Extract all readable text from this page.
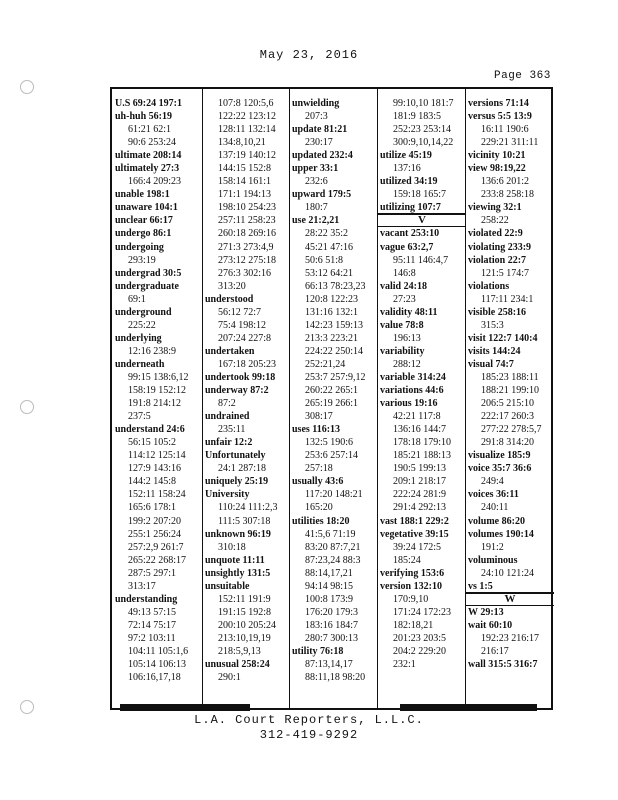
May 23, 2016
Page 363
U.S 69:24 197:1
uh-huh 56:19
61:21 62:1
90:6 253:24
ultimate 208:14
ultimately 27:3
166:4 209:23
unable 198:1
unaware 104:1
unclear 66:17
undergo 86:1
undergoing
293:19
undergrad 30:5
undergraduate
69:1
underground
225:22
underlying
12:16 238:9
underneath
99:15 138:6,12
158:19 152:12
191:8 214:12
237:5
understand 24:6
56:15 105:2
114:12 125:14
127:9 143:16
144:2 145:8
152:11 158:24
165:6 178:1
199:2 207:20
255:1 256:24
257:2,9 261:7
265:22 268:17
287:5 297:1
313:17
understanding
49:13 57:15
72:14 75:17
97:2 103:11
104:11 105:1,6
105:14 106:13
106:16,17,18
107:8 120:5,6
122:22 123:12
128:11 132:14
134:8,10,21
137:19 140:12
144:15 152:8
158:14 161:1
171:1 194:13
198:10 254:23
257:11 258:23
260:18 269:16
271:3 273:4,9
273:12 275:18
276:3 302:16
313:20
understood
56:12 72:7
75:4 198:12
207:24 227:8
undertaken
167:18 205:23
undertook 99:18
underway 87:2
87:2
undrained
235:11
unfair 12:2
Unfortunately
24:1 287:18
uniquely 25:19
University
110:24 111:2,3
111:5 307:18
unknown 96:19
310:18
unquote 11:11
unsightly 131:5
unsuitable
152:11 191:9
191:15 192:8
200:10 205:24
213:10,19,19
218:5,9,13
unusual 258:24
290:1
unwielding
207:3
update 81:21
230:17
updated 232:4
upper 33:1
232:6
upward 179:5
180:7
use 21:2,21
28:22 35:2
45:21 47:16
50:6 51:8
53:12 64:21
66:13 78:23,23
120:8 122:23
131:16 132:1
142:23 159:13
213:3 223:21
224:22 250:14
252:21,24
253:7 257:9,12
260:22 265:1
265:19 266:1
308:17
uses 116:13
132:5 190:6
253:6 257:14
257:18
usually 43:6
117:20 148:21
165:20
utilities 18:20
41:5,6 71:19
83:20 87:7,21
87:23,24 88:3
88:14,17,21
94:14 98:15
100:8 173:9
176:20 179:3
183:16 184:7
280:7 300:13
utility 76:18
87:13,14,17
88:11,18 98:20
99:10,10 181:7
181:9 183:5
252:23 253:14
300:9,10,14,22
utilize 45:19
137:16
utilized 34:19
159:18 165:7
utilizing 107:7
V
vacant 253:10
vague 63:2,7
95:11 146:4,7
146:8
valid 24:18
27:23
validity 48:11
value 78:8
196:13
variability
288:12
variable 314:24
variations 44:6
various 19:16
42:21 117:8
136:16 144:7
178:18 179:10
185:21 188:13
190:5 199:13
209:1 218:17
222:24 281:9
291:4 292:13
vast 188:1 229:2
vegetative 39:15
39:24 172:5
185:24
verifying 153:6
version 132:10
170:9,10
171:24 172:23
182:18,21
201:23 203:5
204:2 229:20
232:1
versions 71:14
versus 5:5 13:9
16:11 190:6
229:21 311:11
vicinity 10:21
view 98:19,22
136:6 201:2
233:8 258:18
viewing 32:1
258:22
violated 22:9
violating 233:9
violation 22:7
121:5 174:7
violations
117:11 234:1
visible 258:16
315:3
visit 122:7 140:4
visits 144:24
visual 74:7
185:23 188:11
188:21 199:10
206:5 215:10
222:17 260:3
277:22 278:5,7
291:8 314:20
visualize 185:9
voice 35:7 36:6
249:4
voices 36:11
240:11
volume 86:20
volumes 190:14
191:2
voluminous
24:10 121:24
vs 1:5
W
W 29:13
wait 60:10
192:23 216:17
216:17
wall 315:5 316:7
L.A. Court Reporters, L.L.C.
312-419-9292
